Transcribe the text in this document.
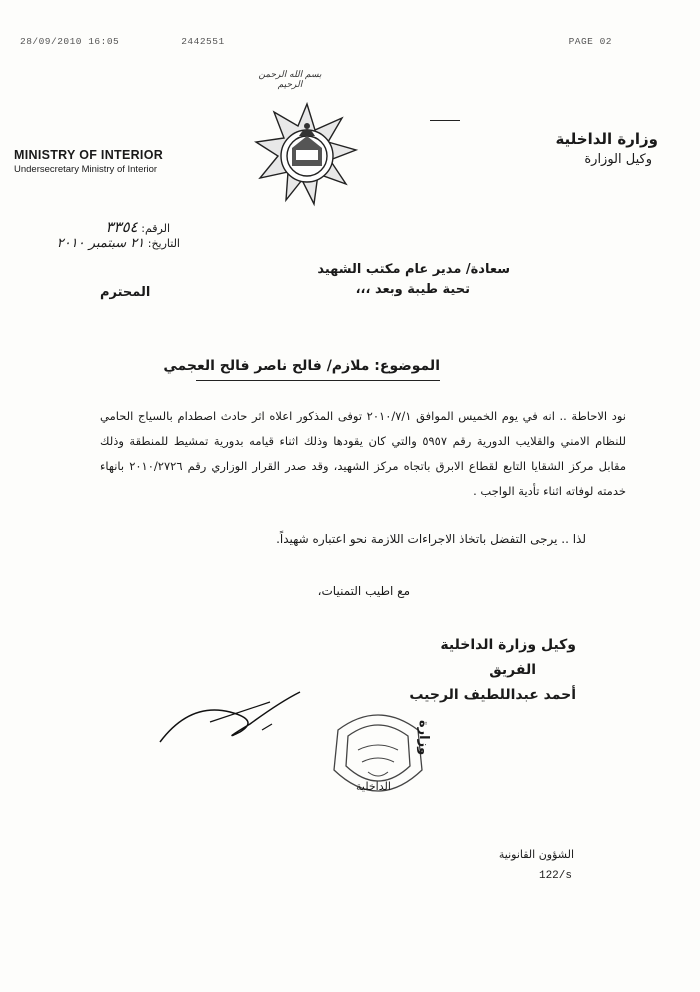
28/09/2010 16:05	2442551	PAGE 02
بسم الله الرحمن الرحيم
MINISTRY OF INTERIOR
Undersecretary Ministry of Interior
وزارة الداخلية
وكيل الوزارة
الرقم: ٣٣٥٤
التاريخ: ٢١ سبتمبر ٢٠١٠
سعادة/ مدير عام مكتب الشهيد
تحية طيبة وبعد ،،،
المحترم
الموضوع: ملازم/ فالح ناصر فالح العجمي

نود الاحاطة .. انه في يوم الخميس الموافق ٢٠١٠/٧/١ توفى المذكور اعلاه اثر حادث اصطدام بالسياج الحامي للنظام الامني والقلايب الدورية رقم ٥٩٥٧ والتي كان يقودها وذلك اثناء قيامه بدورية تمشيط للمنطقة وذلك مقابل مركز الشقايا التابع لقطاع الابرق باتجاه مركز الشهيد، وقد صدر القرار الوزاري رقم ٢٠١٠/٢٧٢٦ بانهاء خدمته لوفاته اثناء تأدية الواجب .

لذا .. يرجى التفضل باتخاذ الاجراءات اللازمة نحو اعتباره شهيداً.
مع اطيب التمنيات،
وكيل وزارة الداخلية
الفريق
أحمد عبداللطيف الرجيب
وزارة
الداخلية
الشؤون القانونية
122/s
